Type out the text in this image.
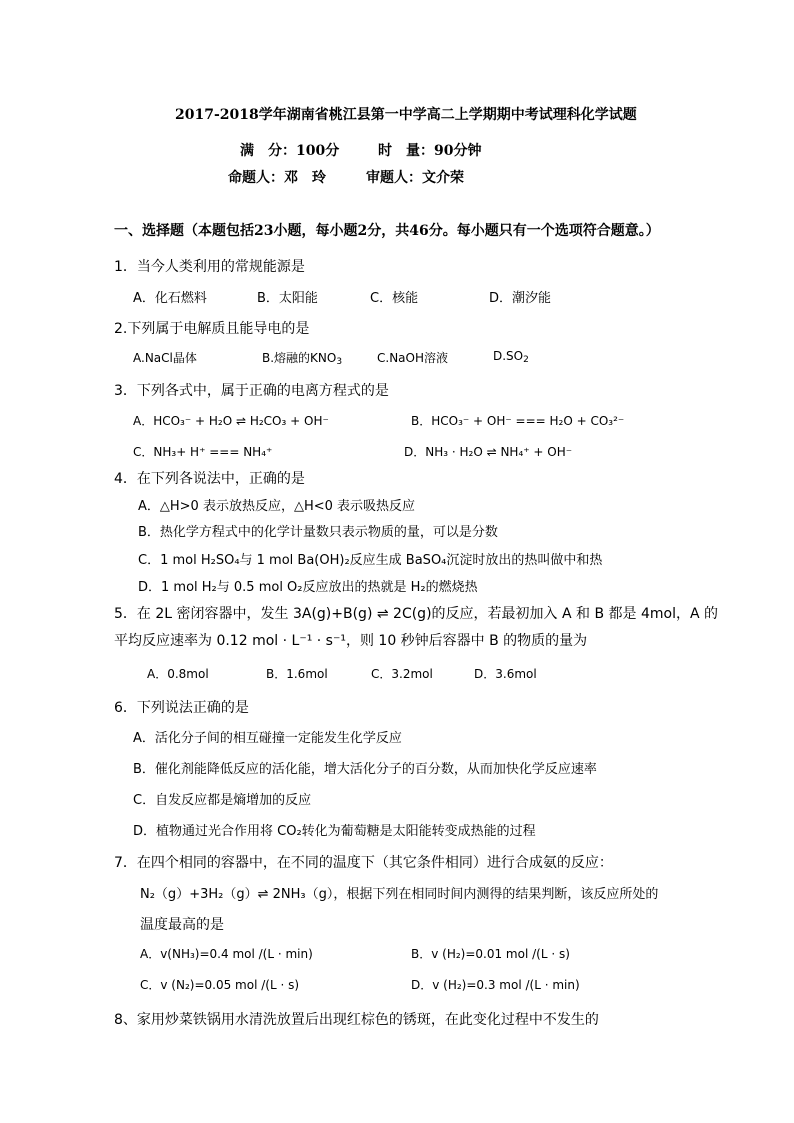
2017-2018学年湖南省桃江县第一中学高二上学期期中考试理科化学试题
满　分：100分	时　量：90分钟
命题人：邓　玲	审题人：文介荣
一、选择题（本题包括23小题，每小题2分，共46分。每小题只有一个选项符合题意。）
1．当今人类利用的常规能源是
A．化石燃料	B．太阳能	C．核能	D．潮汐能
2.下列属于电解质且能导电的是
A.NaCl晶体	B.熔融的$KNO_3$	C.NaOH溶液	$D.SO_2$
3．下列各式中，属于正确的电离方程式的是
A．HCO₃⁻ + H₂O ⇌ H₂CO₃ + OH⁻	B．HCO₃⁻ + OH⁻ === H₂O + CO₃²⁻
C．NH₃+ H⁺ === NH₄⁺	D．NH₃ · H₂O ⇌ NH₄⁺ + OH⁻
4．在下列各说法中，正确的是
A．△H>0 表示放热反应，△H<0 表示吸热反应
B．热化学方程式中的化学计量数只表示物质的量，可以是分数
C．1 mol H₂SO₄与 1 mol Ba(OH)₂反应生成 BaSO₄沉淀时放出的热叫做中和热
D．1 mol H₂与 0.5 mol O₂反应放出的热就是 H₂的燃烧热
5．在 2L 密闭容器中，发生 3A(g)+B(g) ⇌ 2C(g)的反应，若最初加入 A 和 B 都是 4mol，A 的
平均反应速率为 0.12 mol · L⁻¹ · s⁻¹，则 10 秒钟后容器中 B 的物质的量为
A．0.8mol	B．1.6mol	C．3.2mol	D．3.6mol
6．下列说法正确的是
A．活化分子间的相互碰撞一定能发生化学反应
B．催化剂能降低反应的活化能，增大活化分子的百分数，从而加快化学反应速率
C．自发反应都是熵增加的反应
D．植物通过光合作用将 CO₂转化为葡萄糖是太阳能转变成热能的过程
7．在四个相同的容器中，在不同的温度下（其它条件相同）进行合成氨的反应：
N₂（g）+3H₂（g）⇌ 2NH₃（g），根据下列在相同时间内测得的结果判断，该反应所处的
温度最高的是
A．v(NH₃)=0.4 mol /(L · min)	B．v (H₂)=0.01 mol /(L · s)
C．v (N₂)=0.05 mol /(L · s)	D．v (H₂)=0.3 mol /(L · min)
8、家用炒菜铁锅用水清洗放置后出现红棕色的锈斑，在此变化过程中不发生的
